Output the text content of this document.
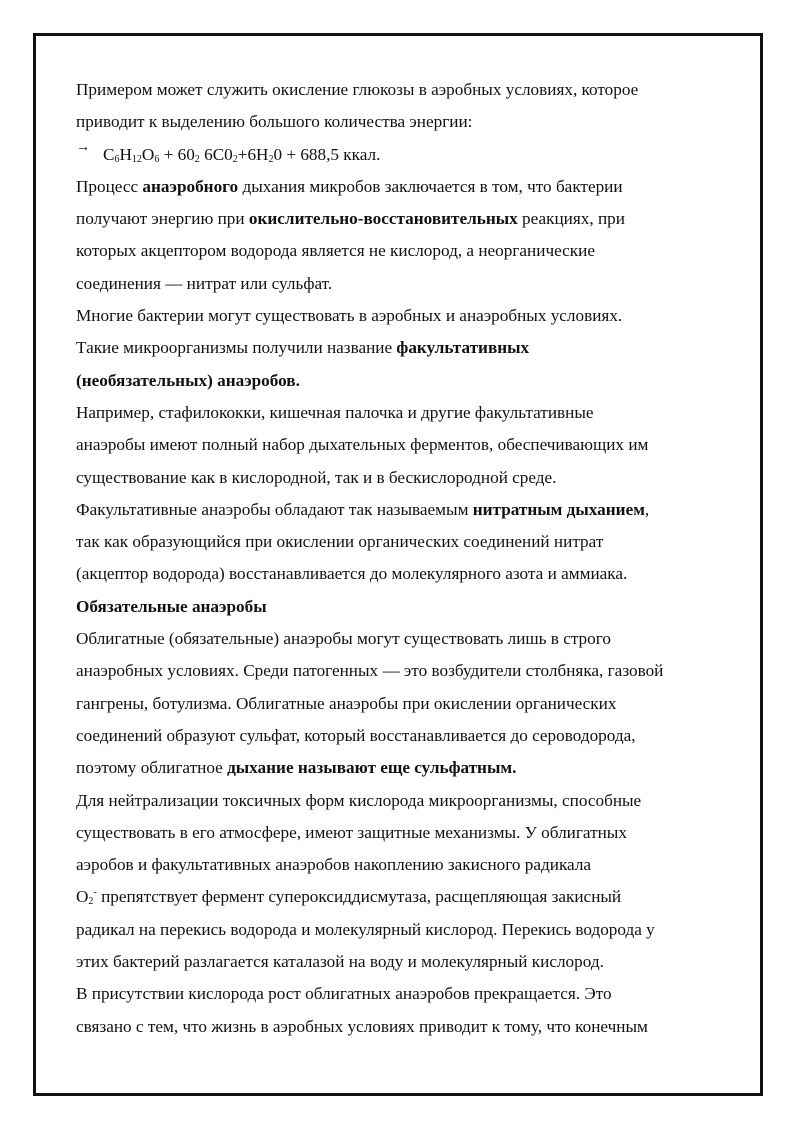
Примером может служить окисление глюкозы в аэробных условиях, которое
приводит к выделению большого количества энергии:
→ $C_6H_{12}O_6 + 60_2$ $6C0_2+6H_20 + 688,5$ ккал.
Процесс анаэробного дыхания микробов заключается в том, что бактерии
получают энергию при окислительно-восстановительных реакциях, при
которых акцептором водорода является не кислород, а неорганические
соединения — нитрат или сульфат.
Многие бактерии могут существовать в аэробных и анаэробных условиях.
Такие микроорганизмы получили название факультативных
(необязательных) анаэробов.
Например, стафилококки, кишечная палочка и другие факультативные
анаэробы имеют полный набор дыхательных ферментов, обеспечивающих им
существование как в кислородной, так и в бескислородной среде.
Факультативные анаэробы обладают так называемым нитратным дыханием,
так как образующийся при окислении органических соединений нитрат
(акцептор водорода) восстанавливается до молекулярного азота и аммиака.
Обязательные анаэробы
Облигатные (обязательные) анаэробы могут существовать лишь в строго
анаэробных условиях. Среди патогенных — это возбудители столбняка, газовой
гангрены, ботулизма. Облигатные анаэробы при окислении органических
соединений образуют сульфат, который восстанавливается до сероводорода,
поэтому облигатное дыхание называют еще сульфатным.
Для нейтрализации токсичных форм кислорода микроорганизмы, способные
существовать в его атмосфере, имеют защитные механизмы. У облигатных
аэробов и факультативных анаэробов накоплению закисного радикала
$O_2^-$ препятствует фермент супероксиддисмутаза, расщепляющая закисный
радикал на перекись водорода и молекулярный кислород. Перекись водорода у
этих бактерий разлагается каталазой на воду и молекулярный кислород.
В присутствии кислорода рост облигатных анаэробов прекращается. Это
связано с тем, что жизнь в аэробных условиях приводит к тому, что конечным
